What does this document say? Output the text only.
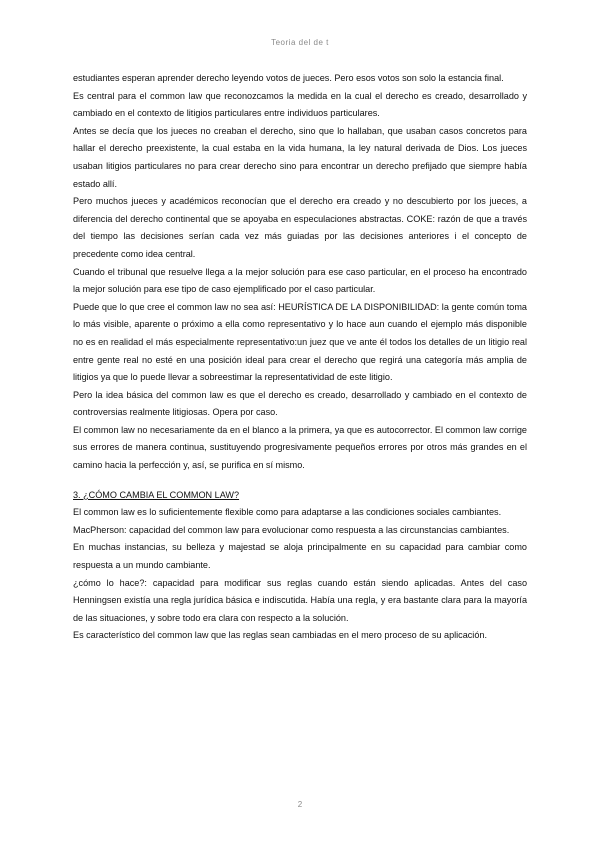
Teoria del de t

estudiantes esperan aprender derecho leyendo votos de jueces. Pero esos votos son solo la estancia final.

Es central para el common law que reconozcamos la medida en la cual el derecho es creado, desarrollado y cambiado en el contexto de litigios particulares entre individuos particulares.

Antes se decía que los jueces no creaban el derecho, sino que lo hallaban, que usaban casos concretos para hallar el derecho preexistente, la cual estaba en la vida humana, la ley natural derivada de Dios. Los jueces usaban litigios particulares no para crear derecho sino para encontrar un derecho prefijado que siempre había estado allí.

Pero muchos jueces y académicos reconocían que el derecho era creado y no descubierto por los jueces, a diferencia del derecho continental que se apoyaba en especulaciones abstractas. COKE: razón de que a través del tiempo las decisiones serían cada vez más guiadas por las decisiones anteriores i el concepto de precedente como idea central.

Cuando el tribunal que resuelve llega a la mejor solución para ese caso particular, en el proceso ha encontrado la mejor solución para ese tipo de caso ejemplificado por el caso particular.

Puede que lo que cree el common law no sea así: HEURÍSTICA DE LA DISPONIBILIDAD: la gente común toma lo más visible, aparente o próximo a ella como representativo y lo hace aun cuando el ejemplo más disponible no es en realidad el más especialmente representativo:un juez que ve ante él todos los detalles de un litigio real entre gente real no esté en una posición ideal para crear el derecho que regirá una categoría más amplia de litigios ya que lo puede llevar a sobreestimar la representatividad de este litigio.

Pero la idea básica del common law es que el derecho es creado, desarrollado y cambiado en el contexto de controversias realmente litigiosas. Opera por caso.

El common law no necesariamente da en el blanco a la primera, ya que es autocorrector. El common law corrige sus errores de manera continua, sustituyendo progresivamente pequeños errores por otros más grandes en el camino hacia la perfección y, así, se purifica en sí mismo.

3. ¿CÓMO CAMBIA EL COMMON LAW?

El common law es lo suficientemente flexible como para adaptarse a las condiciones sociales cambiantes.

MacPherson: capacidad del common law para evolucionar como respuesta a las circunstancias cambiantes.

En muchas instancias, su belleza y majestad se aloja principalmente en su capacidad para cambiar como respuesta a un mundo cambiante.

¿cómo lo hace?: capacidad para modificar sus reglas cuando están siendo aplicadas. Antes del caso Henningsen existía una regla jurídica básica e indiscutida. Había una regla, y era bastante clara para la mayoría de las situaciones, y sobre todo era clara con respecto a la solución.

Es característico del common law que las reglas sean cambiadas en el mero proceso de su aplicación.

2
